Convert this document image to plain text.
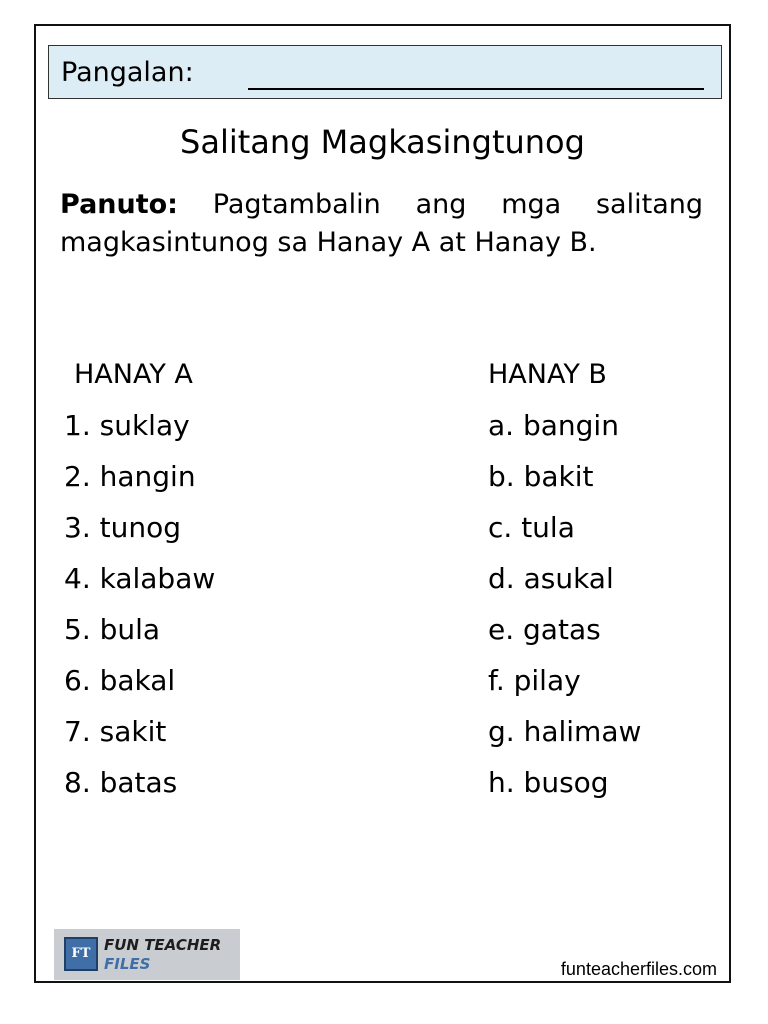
Pangalan:
Salitang Magkasingtunog
Panuto: Pagtambalin ang mga salitang magkasintunog sa Hanay A at Hanay B.
HANAY A	HANAY B
1. suklay
2. hangin
3. tunog
4. kalabaw
5. bula
6. bakal
7. sakit
8. batas
a. bangin
b. bakit
c. tula
d. asukal
e. gatas
f. pilay
g. halimaw
h. busog
FT FUN TEACHER
FILES	funteacherfiles.com
